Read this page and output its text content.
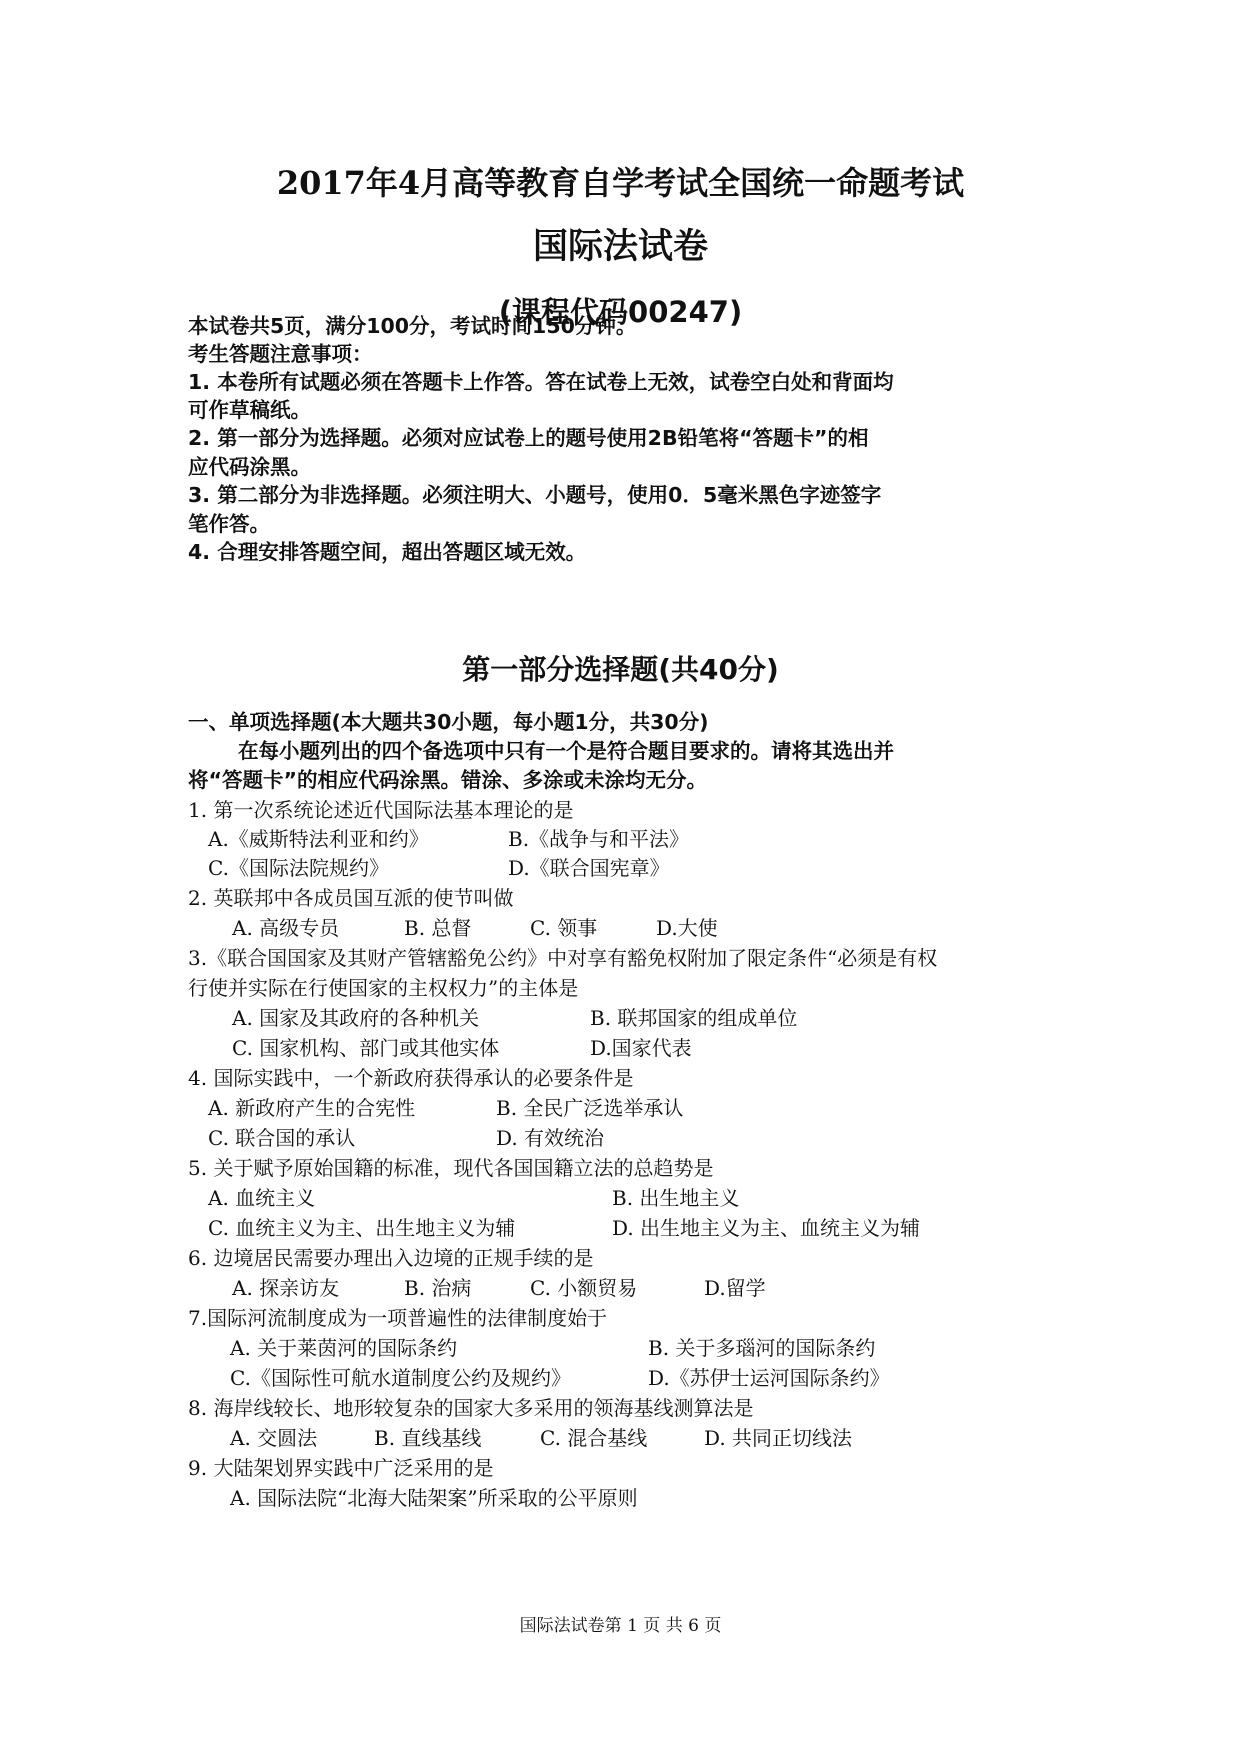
2017年4月高等教育自学考试全国统一命题考试
国际法试卷
(课程代码00247)
本试卷共5页，满分100分，考试时间150分钟。
考生答题注意事项：
1. 本卷所有试题必须在答题卡上作答。答在试卷上无效，试卷空白处和背面均
可作草稿纸。
2. 第一部分为选择题。必须对应试卷上的题号使用2B铅笔将“答题卡”的相
应代码涂黑。
3. 第二部分为非选择题。必须注明大、小题号，使用0．5毫米黑色字迹签字
笔作答。
4. 合理安排答题空间，超出答题区域无效。
第一部分选择题(共40分)
一、单项选择题(本大题共30小题，每小题1分，共30分)
在每小题列出的四个备选项中只有一个是符合题目要求的。请将其选出并
将“答题卡”的相应代码涂黑。错涂、多涂或未涂均无分。
1. 第一次系统论述近代国际法基本理论的是
A.《威斯特法利亚和约》	B.《战争与和平法》
C.《国际法院规约》	D.《联合国宪章》
2. 英联邦中各成员国互派的使节叫做
A. 高级专员	B. 总督	C. 领事	D.大使
3.《联合国国家及其财产管辖豁免公约》中对享有豁免权附加了限定条件“必须是有权
行使并实际在行使国家的主权权力”的主体是
A. 国家及其政府的各种机关	B. 联邦国家的组成单位
C. 国家机构、部门或其他实体	D.国家代表
4. 国际实践中，一个新政府获得承认的必要条件是
A. 新政府产生的合宪性	B. 全民广泛选举承认
C. 联合国的承认	D. 有效统治
5. 关于赋予原始国籍的标准，现代各国国籍立法的总趋势是
A. 血统主义	B. 出生地主义
C. 血统主义为主、出生地主义为辅	D. 出生地主义为主、血统主义为辅
6. 边境居民需要办理出入边境的正规手续的是
A. 探亲访友	B. 治病	C. 小额贸易	D.留学
7.国际河流制度成为一项普遍性的法律制度始于
A. 关于莱茵河的国际条约	B. 关于多瑙河的国际条约
C.《国际性可航水道制度公约及规约》	D.《苏伊士运河国际条约》
8. 海岸线较长、地形较复杂的国家大多采用的领海基线测算法是
A. 交圆法	B. 直线基线	C. 混合基线	D. 共同正切线法
9. 大陆架划界实践中广泛采用的是
A. 国际法院“北海大陆架案”所采取的公平原则
国际法试卷第 1 页 共 6 页
